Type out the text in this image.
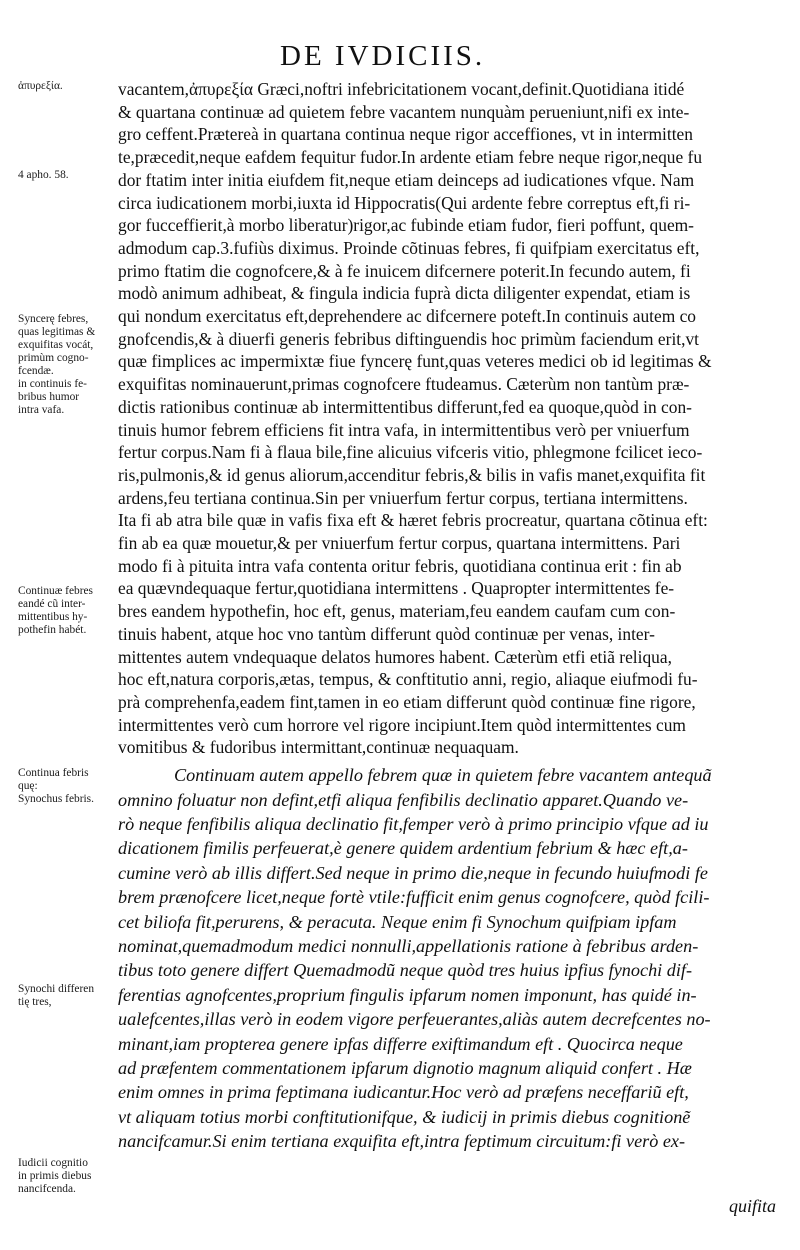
DE IVDICIIS.
ἀπυρεξία.
4 apho. 58.
Syncerę febres,
quas legitimas &
exquifitas vocát,
primùm cogno-
fcendæ.
in continuis fe-
bribus humor
intra vafa.
Continuæ febres
eandé cũ inter-
mittentibus hy-
pothefin habét.
Continua febris
quę:
Synochus febris.
Synochi differen
tię tres,
Iudicii cognitio
in primis diebus
nancifcenda.
vacantem,ἀπυρεξία Græci,noftri infebricitationem vocant,definit.Quotidiana itidé
& quartana continuæ ad quietem febre vacantem nunquàm perueniunt,nifi ex inte-
gro ceffent.Prætereà in quartana continua neque rigor acceffiones, vt in intermitten
te,præcedit,neque eafdem fequitur fudor.In ardente etiam febre neque rigor,neque fu
dor ftatim inter initia eiufdem fit,neque etiam deinceps ad iudicationes vfque. Nam
circa iudicationem morbi,iuxta id Hippocratis(Qui ardente febre correptus eft,fi ri-
gor fucceffierit,à morbo liberatur)rigor,ac fubinde etiam fudor, fieri poffunt, quem-
admodum cap.3.fufiùs diximus. Proinde cõtinuas febres, fi quifpiam exercitatus eft,
primo ftatim die cognofcere,& à fe inuicem difcernere poterit.In fecundo autem, fi
modò animum adhibeat, & fingula indicia fuprà dicta diligenter expendat, etiam is
qui nondum exercitatus eft,deprehendere ac difcernere poteft.In continuis autem co
gnofcendis,& à diuerfi generis febribus diftinguendis hoc primùm faciendum erit,vt
quæ fimplices ac impermixtæ fiue fyncerę funt,quas veteres medici ob id legitimas &
exquifitas nominauerunt,primas cognofcere ftudeamus. Cæterùm non tantùm præ-
dictis rationibus continuæ ab intermittentibus differunt,fed ea quoque,quòd in con-
tinuis humor febrem efficiens fit intra vafa, in intermittentibus verò per vniuerfum
fertur corpus.Nam fi à flaua bile,fine alicuius vifceris vitio, phlegmone fcilicet ieco-
ris,pulmonis,& id genus aliorum,accenditur febris,& bilis in vafis manet,exquifita fit
ardens,feu tertiana continua.Sin per vniuerfum fertur corpus, tertiana intermittens.
Ita fi ab atra bile quæ in vafis fixa eft & hæret febris procreatur, quartana cõtinua eft:
fin ab ea quæ mouetur,& per vniuerfum fertur corpus, quartana intermittens. Pari
modo fi à pituita intra vafa contenta oritur febris, quotidiana continua erit : fin ab
ea quævndequaque fertur,quotidiana intermittens . Quapropter intermittentes fe-
bres eandem hypothefin, hoc eft, genus, materiam,feu eandem caufam cum con-
tinuis habent, atque hoc vno tantùm differunt quòd continuæ per venas, inter-
mittentes autem vndequaque delatos humores habent. Cæterùm etfi etiã reliqua,
hoc eft,natura corporis,ætas, tempus, & conftitutio anni, regio, aliaque eiufmodi fu-
prà comprehenfa,eadem fint,tamen in eo etiam differunt quòd continuæ fine rigore,
intermittentes verò cum horrore vel rigore incipiunt.Item quòd intermittentes cum
vomitibus & fudoribus intermittant,continuæ nequaquam.
Continuam autem appello febrem quæ in quietem febre vacantem antequã
omnino foluatur non defint,etfi aliqua fenfibilis declinatio apparet.Quando ve-
rò neque fenfibilis aliqua declinatio fit,femper verò à primo principio vfque ad iu
dicationem fimilis perfeuerat,è genere quidem ardentium febrium & hæc eft,a-
cumine verò ab illis differt.Sed neque in primo die,neque in fecundo huiufmodi fe
brem prænofcere licet,neque fortè vtile:fufficit enim genus cognofcere, quòd fcili-
cet biliofa fit,perurens, & peracuta. Neque enim fi Synochum quifpiam ipfam
nominat,quemadmodum medici nonnulli,appellationis ratione à febribus arden-
tibus toto genere differt Quemadmodũ neque quòd tres huius ipfius fynochi dif-
ferentias agnofcentes,proprium fingulis ipfarum nomen imponunt, has quidé in-
ualefcentes,illas verò in eodem vigore perfeuerantes,aliàs autem decrefcentes no-
minant,iam propterea genere ipfas differre exiftimandum eft . Quocirca neque
ad præfentem commentationem ipfarum dignotio magnum aliquid confert . Hæ
enim omnes in prima feptimana iudicantur.Hoc verò ad præfens neceffariũ eft,
vt aliquam totius morbi conftitutionifque, & iudicij in primis diebus cognitionẽ
nancifcamur.Si enim tertiana exquifita eft,intra feptimum circuitum:fi verò ex-
quifita
